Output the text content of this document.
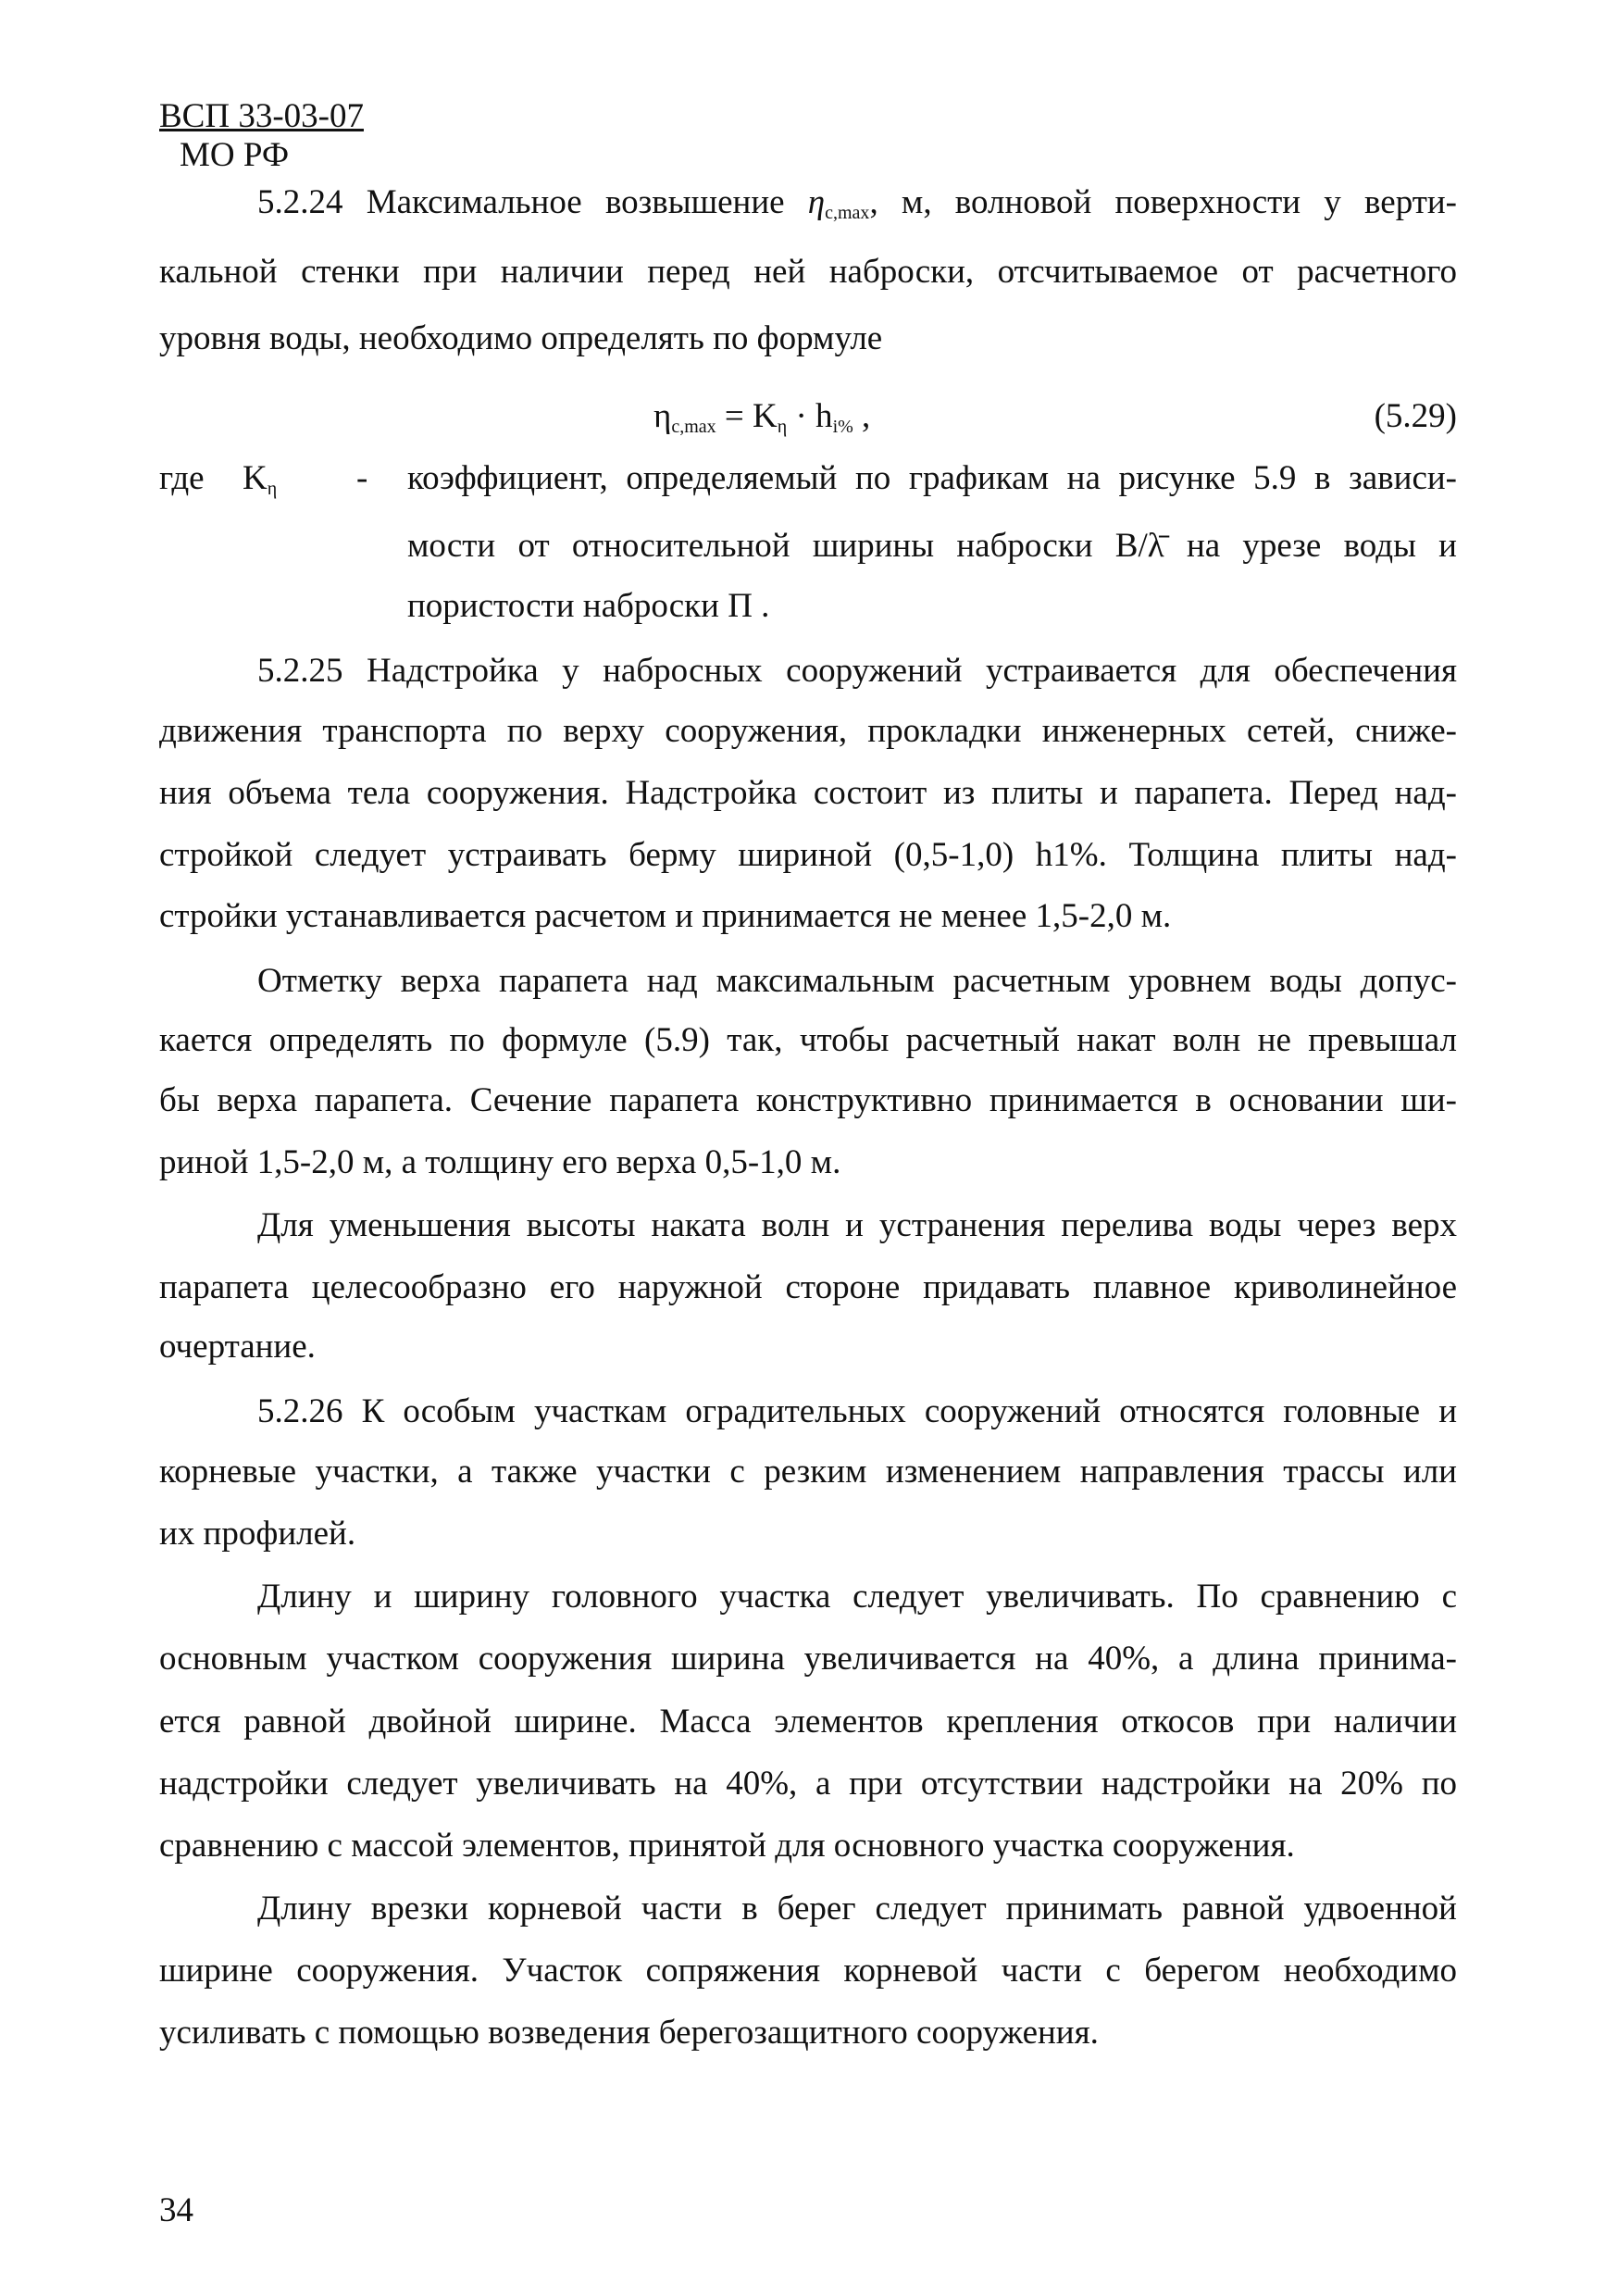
ВСП 33-03-07
МО РФ
5.2.24 Максимальное возвышение $\eta_{c,max}$, м, волновой поверхности у верти-
кальной стенки при наличии перед ней наброски, отсчитываемое от расчетного
уровня воды, необходимо определять по формуле
$\eta_{c,max} = K_\eta \cdot h_{i\%}$ ,	(5.29)
где $K_\eta$ - коэффициент, определяемый по графикам на рисунке 5.9 в зависи-
мости от относительной ширины наброски B/λ̄ на урезе воды и
пористости наброски П .
5.2.25 Надстройка у набросных сооружений устраивается для обеспечения
движения транспорта по верху сооружения, прокладки инженерных сетей, сниже-
ния объема тела сооружения. Надстройка состоит из плиты и парапета. Перед над-
стройкой следует устраивать берму шириной (0,5-1,0) h1%. Толщина плиты над-
стройки устанавливается расчетом и принимается не менее 1,5-2,0 м.
Отметку верха парапета над максимальным расчетным уровнем воды допус-
кается определять по формуле (5.9) так, чтобы расчетный накат волн не превышал
бы верха парапета. Сечение парапета конструктивно принимается в основании ши-
риной 1,5-2,0 м, а толщину его верха 0,5-1,0 м.
Для уменьшения высоты наката волн и устранения перелива воды через верх
парапета целесообразно его наружной стороне придавать плавное криволинейное
очертание.
5.2.26 К особым участкам оградительных сооружений относятся головные и
корневые участки, а также участки с резким изменением направления трассы или
их профилей.
Длину и ширину головного участка следует увеличивать. По сравнению с
основным участком сооружения ширина увеличивается на 40%, а длина принима-
ется равной двойной ширине. Масса элементов крепления откосов при наличии
надстройки следует увеличивать на 40%, а при отсутствии надстройки на 20% по
сравнению с массой элементов, принятой для основного участка сооружения.
Длину врезки корневой части в берег следует принимать равной удвоенной
ширине сооружения. Участок сопряжения корневой части с берегом необходимо
усиливать с помощью возведения берегозащитного сооружения.
34
